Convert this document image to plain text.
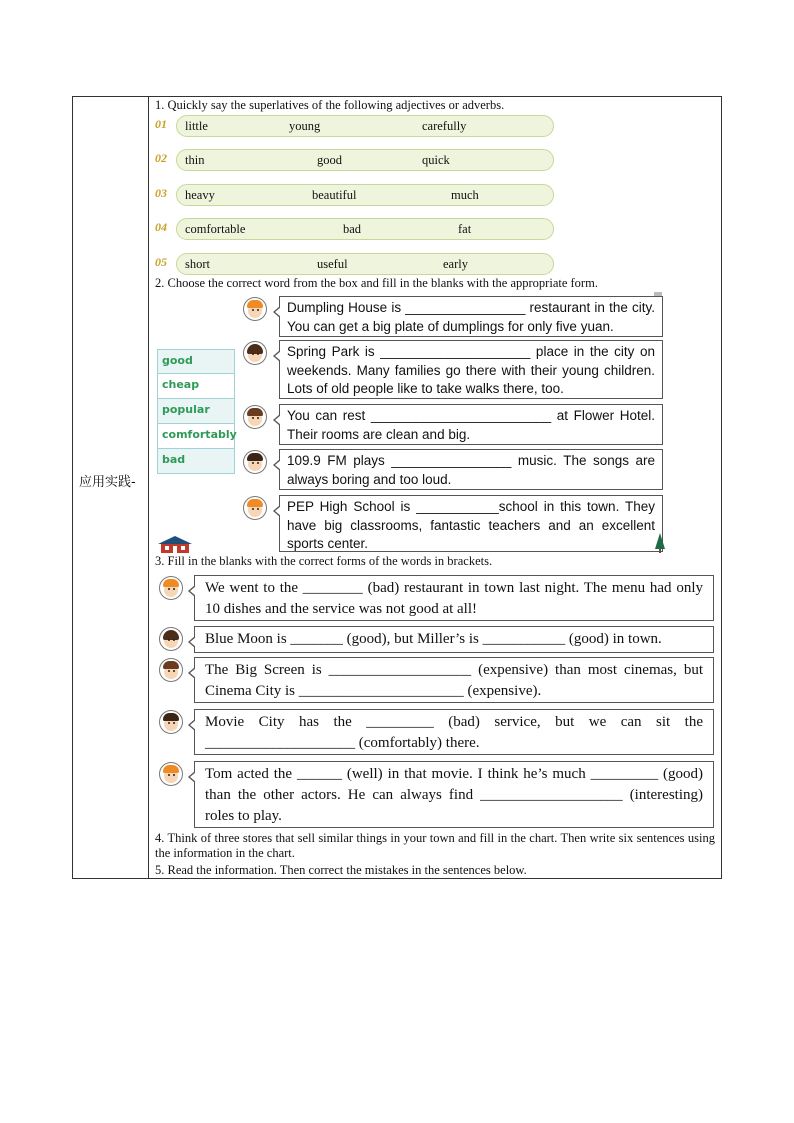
应用实践-
1. Quickly say the superlatives of the following adjectives or adverbs.
01 little	young	carefully
02 thin	good	quick
03 heavy	beautiful	much
04 comfortable	bad	fat
05 short	useful	early
2. Choose the correct word from the box and fill in the blanks with the appropriate form.
good
cheap
popular
comfortably
bad
Dumpling House is ________________ restaurant in the city. You can get a big plate of dumplings for only five yuan.
Spring Park is ____________________ place in the city on weekends. Many families go there with their young children. Lots of old people like to take walks there, too.
You can rest ________________________ at Flower Hotel. Their rooms are clean and big.
109.9 FM plays ________________ music. The songs are always boring and too loud.
PEP High School is ___________school in this town. They have big classrooms, fantastic teachers and an excellent sports center.
3. Fill in the blanks with the correct forms of the words in brackets.
We went to the ________ (bad) restaurant in town last night. The menu had only 10 dishes and the service was not good at all!
Blue Moon is _______ (good), but Miller’s is ___________ (good) in town.
The Big Screen is ___________________ (expensive) than most cinemas, but Cinema City is ______________________ (expensive).
Movie City has the _________ (bad) service, but we can sit the ____________________ (comfortably) there.
Tom acted the ______ (well) in that movie. I think he’s much _________ (good) than the other actors. He can always find ___________________ (interesting) roles to play.
4. Think of three stores that sell similar things in your town and fill in the chart. Then write six sentences using the information in the chart.
5. Read the information. Then correct the mistakes in the sentences below.
